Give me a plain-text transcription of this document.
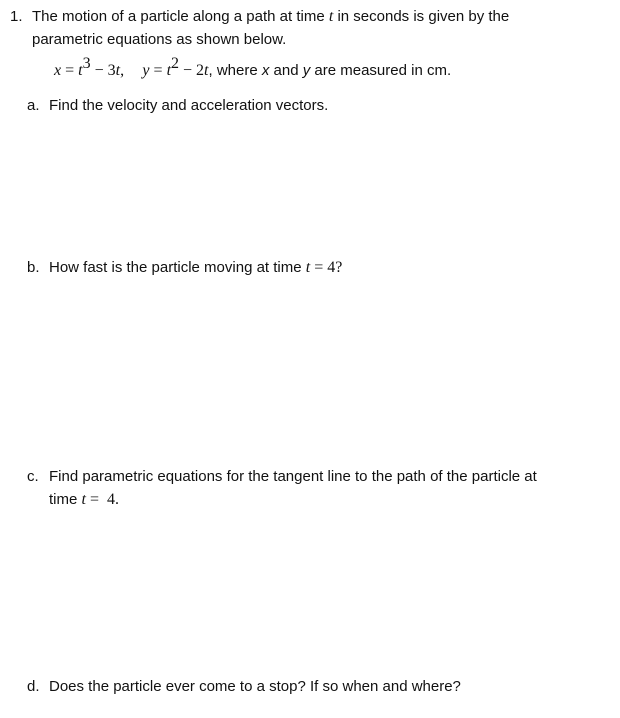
1. The motion of a particle along a path at time t in seconds is given by the
parametric equations as shown below.
$x = t^3 - 3t$, $y = t^2 - 2t$, where x and y are measured in cm.
a. Find the velocity and acceleration vectors.
b. How fast is the particle moving at time t = 4?
c. Find parametric equations for the tangent line to the path of the particle at
time t =  4.
d. Does the particle ever come to a stop? If so when and where?
